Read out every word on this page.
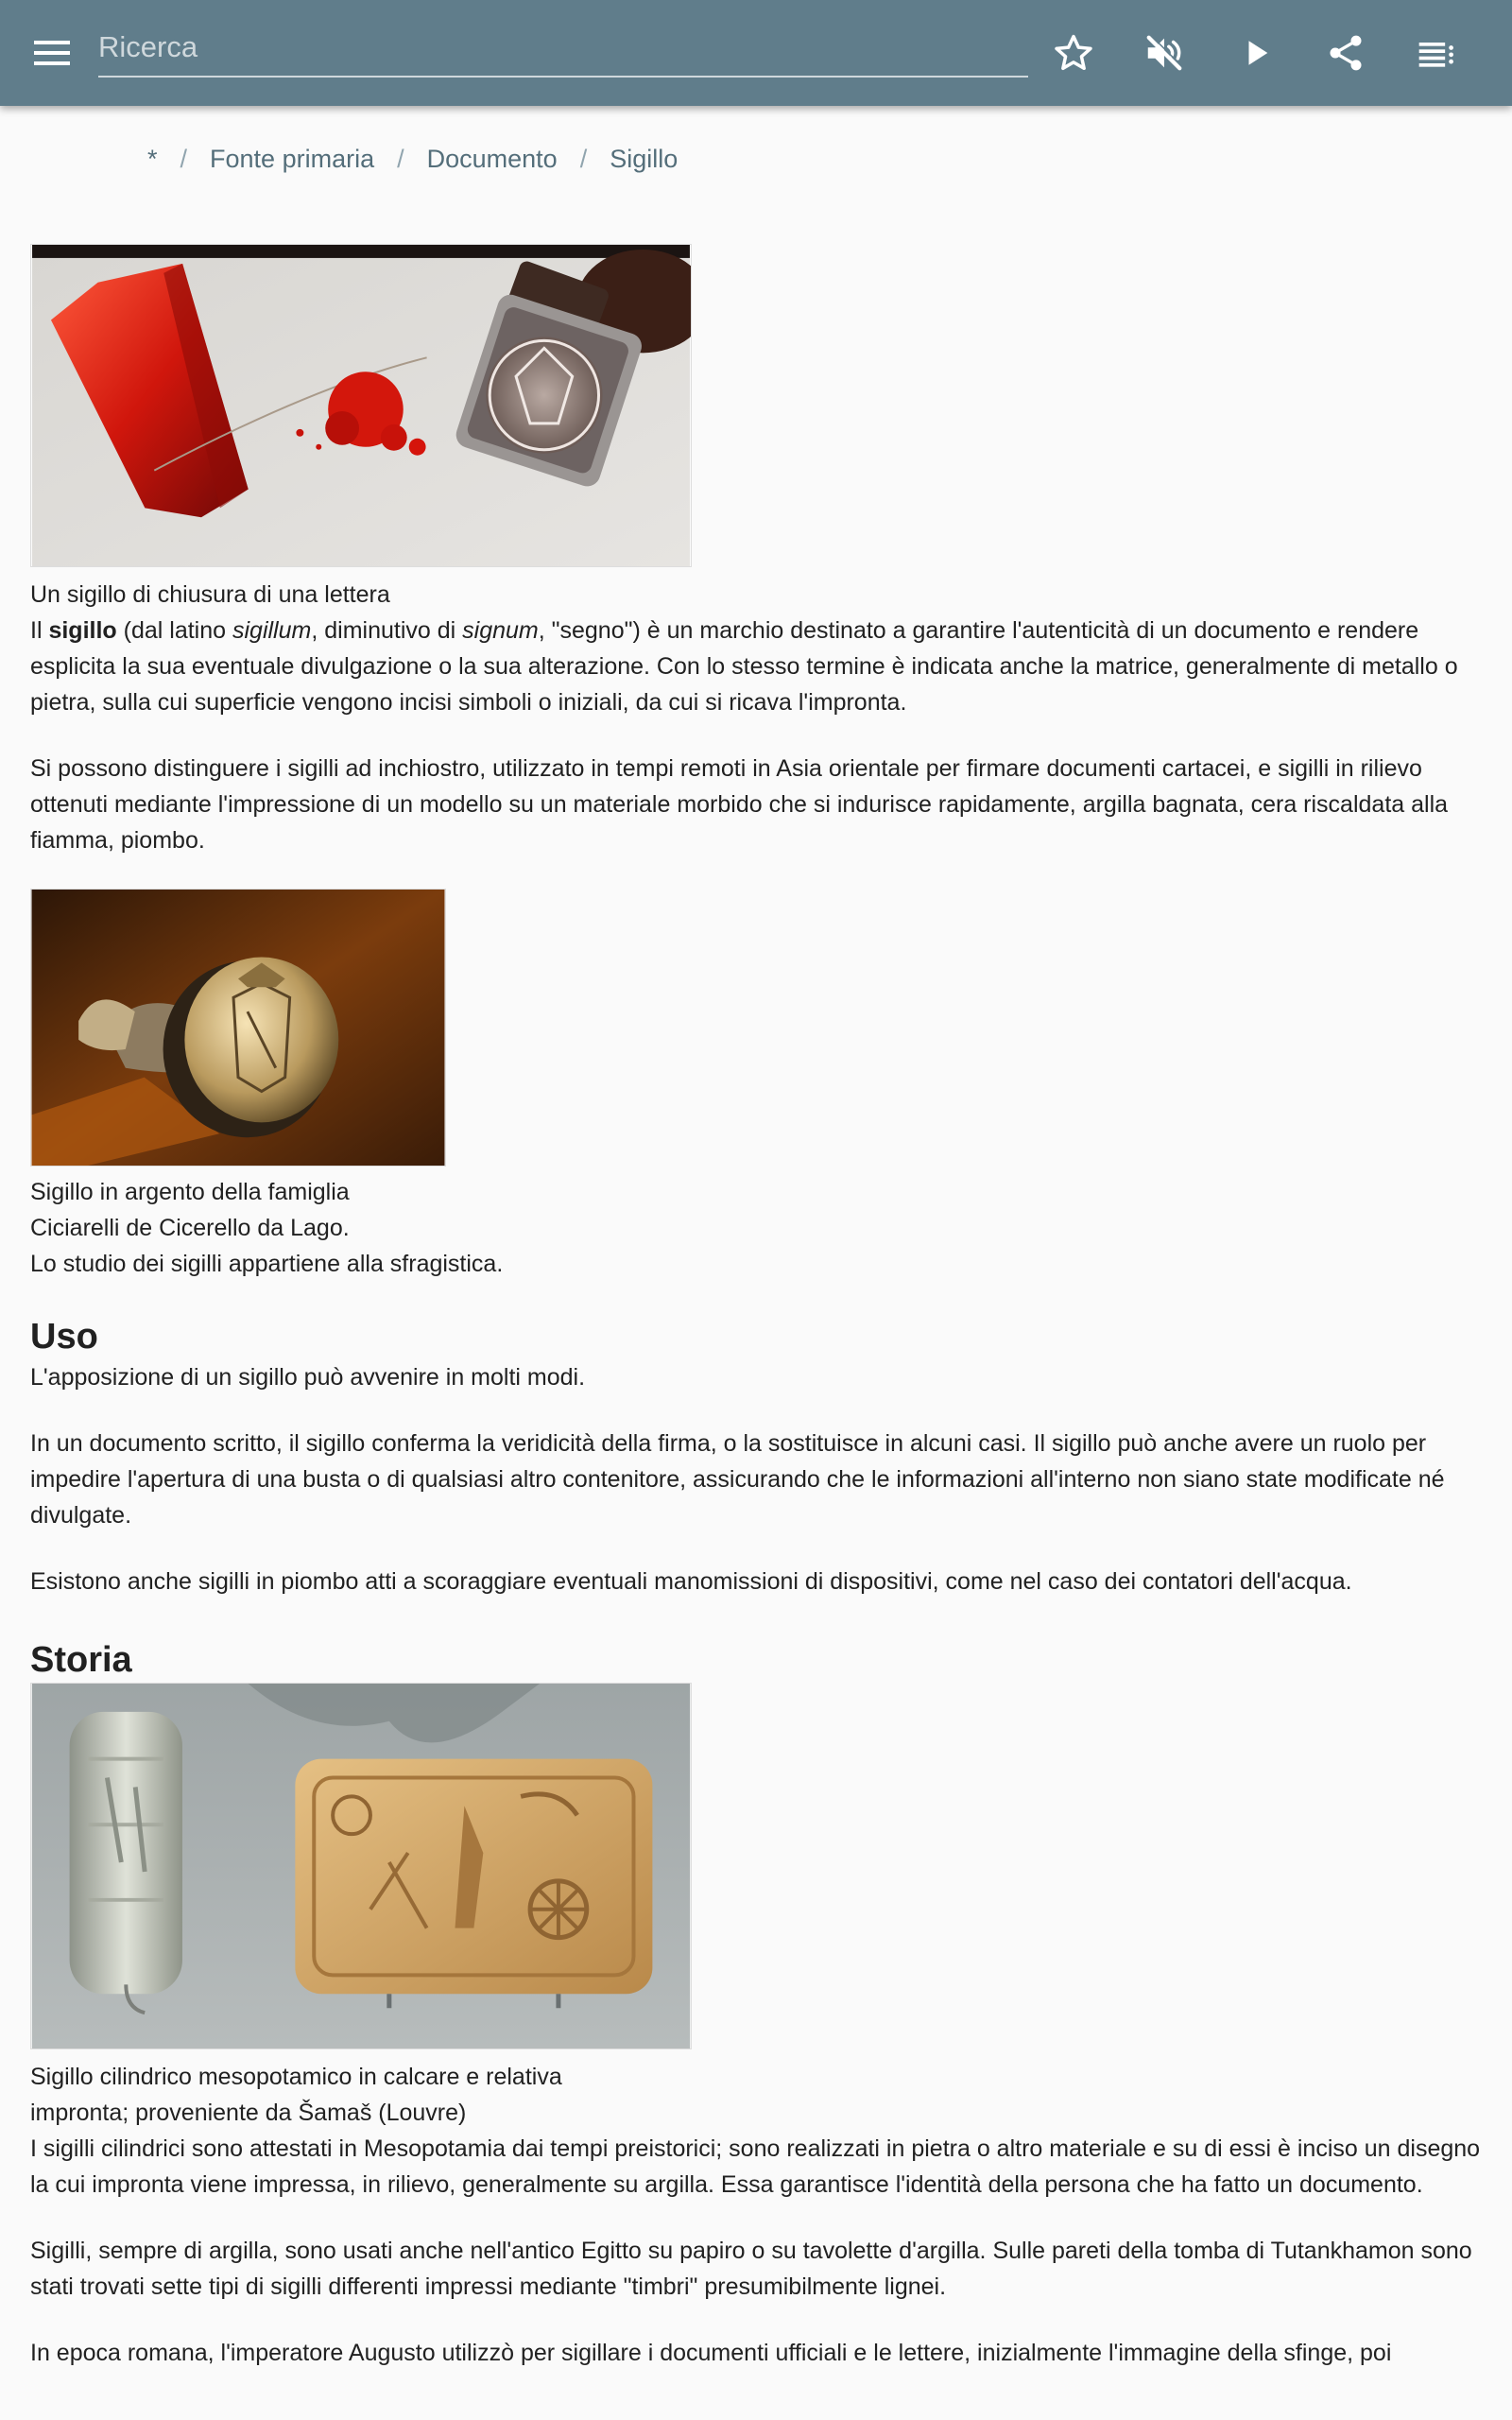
Ricerca
* / Fonte primaria / Documento / Sigillo
Un sigillo di chiusura di una lettera

Il sigillo (dal latino sigillum, diminutivo di signum, "segno") è un marchio destinato a garantire l'autenticità di un documento e rendere esplicita la sua eventuale divulgazione o la sua alterazione. Con lo stesso termine è indicata anche la matrice, generalmente di metallo o pietra, sulla cui superficie vengono incisi simboli o iniziali, da cui si ricava l'impronta.

Si possono distinguere i sigilli ad inchiostro, utilizzato in tempi remoti in Asia orientale per firmare documenti cartacei, e sigilli in rilievo ottenuti mediante l'impressione di un modello su un materiale morbido che si indurisce rapidamente, argilla bagnata, cera riscaldata alla fiamma, piombo.

Sigillo in argento della famiglia
Ciciarelli de Cicerello da Lago.
Lo studio dei sigilli appartiene alla sfragistica.
Uso

L'apposizione di un sigillo può avvenire in molti modi.

In un documento scritto, il sigillo conferma la veridicità della firma, o la sostituisce in alcuni casi. Il sigillo può anche avere un ruolo per impedire l'apertura di una busta o di qualsiasi altro contenitore, assicurando che le informazioni all'interno non siano state modificate né divulgate.

Esistono anche sigilli in piombo atti a scoraggiare eventuali manomissioni di dispositivi, come nel caso dei contatori dell'acqua.

Storia
Sigillo cilindrico mesopotamico in calcare e relativa
impronta; proveniente da Šamaš (Louvre)

I sigilli cilindrici sono attestati in Mesopotamia dai tempi preistorici; sono realizzati in pietra o altro materiale e su di essi è inciso un disegno la cui impronta viene impressa, in rilievo, generalmente su argilla. Essa garantisce l'identità della persona che ha fatto un documento.

Sigilli, sempre di argilla, sono usati anche nell'antico Egitto su papiro o su tavolette d'argilla. Sulle pareti della tomba di Tutankhamon sono stati trovati sette tipi di sigilli differenti impressi mediante "timbri" presumibilmente lignei.

In epoca romana, l'imperatore Augusto utilizzò per sigillare i documenti ufficiali e le lettere, inizialmente l'immagine della sfinge, poi
